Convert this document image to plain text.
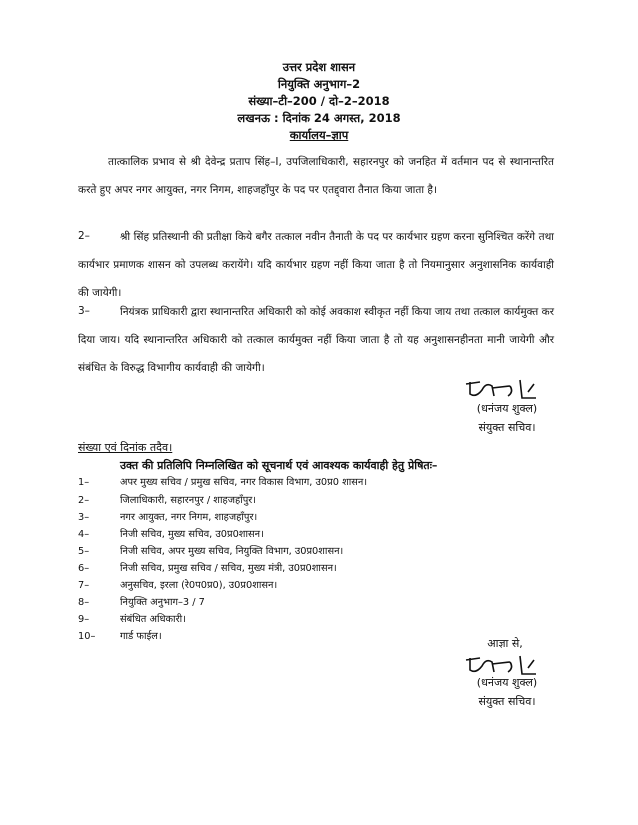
उत्तर प्रदेश शासन
नियुक्ति अनुभाग–2
संख्या–टी–200 / दो–2–2018
लखनऊ : दिनांक 24 अगस्त, 2018
कार्यालय–ज्ञाप
तात्कालिक प्रभाव से श्री देवेन्द्र प्रताप सिंह–I, उपजिलाधिकारी, सहारनपुर को जनहित में वर्तमान पद से स्थानान्तरित करते हुए अपर नगर आयुक्त, नगर निगम, शाहजहाँपुर के पद पर एतद्द्वारा तैनात किया जाता है।
2–	श्री सिंह प्रतिस्थानी की प्रतीक्षा किये बगैर तत्काल नवीन तैनाती के पद पर कार्यभार ग्रहण करना सुनिश्चित करेंगे तथा कार्यभार प्रमाणक शासन को उपलब्ध करायेंगे। यदि कार्यभार ग्रहण नहीं किया जाता है तो नियमानुसार अनुशासनिक कार्यवाही की जायेगी।
3–	नियंत्रक प्राधिकारी द्वारा स्थानान्तरित अधिकारी को कोई अवकाश स्वीकृत नहीं किया जाय तथा तत्काल कार्यमुक्त कर दिया जाय। यदि स्थानान्तरित अधिकारी को तत्काल कार्यमुक्त नहीं किया जाता है तो यह अनुशासनहीनता मानी जायेगी और संबंधित के विरुद्ध विभागीय कार्यवाही की जायेगी।
(धनंजय शुक्ल)
संयुक्त सचिव।
संख्या एवं दिनांक तदैव।
उक्त की प्रतिलिपि निम्नलिखित को सूचनार्थ एवं आवश्यक कार्यवाही हेतु प्रेषितः–
1–	अपर मुख्य सचिव / प्रमुख सचिव, नगर विकास विभाग, उ0प्र0 शासन।
2–	जिलाधिकारी, सहारनपुर / शाहजहाँपुर।
3–	नगर आयुक्त, नगर निगम, शाहजहाँपुर।
4–	निजी सचिव, मुख्य सचिव, उ0प्र0शासन।
5–	निजी सचिव, अपर मुख्य सचिव, नियुक्ति विभाग, उ0प्र0शासन।
6–	निजी सचिव, प्रमुख सचिव / सचिव, मुख्य मंत्री, उ0प्र0शासन।
7–	अनुसचिव, इरला (रे0प0प्र0), उ0प्र0शासन।
8–	नियुक्ति अनुभाग–3 / 7
9–	संबंधित अधिकारी।
10–	गार्ड फाईल।
आज्ञा से,
(धनंजय शुक्ल)
संयुक्त सचिव।
